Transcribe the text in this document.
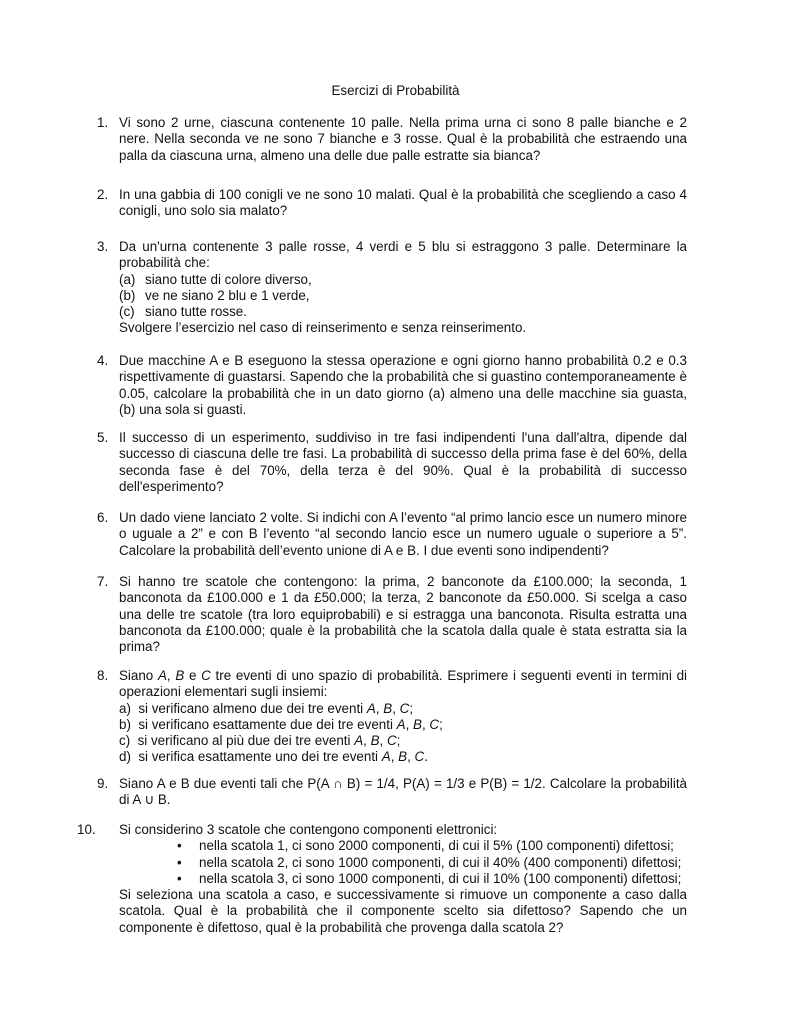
Esercizi di Probabilità
1. Vi sono 2 urne, ciascuna contenente 10 palle. Nella prima urna ci sono 8 palle bianche e 2 nere. Nella seconda ve ne sono 7 bianche e 3 rosse. Qual è la probabilità che estraendo una palla da ciascuna urna, almeno una delle due palle estratte sia bianca?
2. In una gabbia di 100 conigli ve ne sono 10 malati. Qual è la probabilità che scegliendo a caso 4 conigli, uno solo sia malato?
3. Da un'urna contenente 3 palle rosse, 4 verdi e 5 blu si estraggono 3 palle. Determinare la probabilità che:
(a) siano tutte di colore diverso,
(b) ve ne siano 2 blu e 1 verde,
(c) siano tutte rosse.
Svolgere l’esercizio nel caso di reinserimento e senza reinserimento.
4. Due macchine A e B eseguono la stessa operazione e ogni giorno hanno probabilità 0.2 e 0.3 rispettivamente di guastarsi. Sapendo che la probabilità che si guastino contemporaneamente è 0.05, calcolare la probabilità che in un dato giorno (a) almeno una delle macchine sia guasta, (b) una sola si guasti.
5. Il successo di un esperimento, suddiviso in tre fasi indipendenti l'una dall'altra, dipende dal successo di ciascuna delle tre fasi. La probabilità di successo della prima fase è del 60%, della seconda fase è del 70%, della terza è del 90%. Qual è la probabilità di successo dell'esperimento?
6. Un dado viene lanciato 2 volte. Si indichi con A l’evento “al primo lancio esce un numero minore o uguale a 2” e con B l’evento “al secondo lancio esce un numero uguale o superiore a 5”. Calcolare la probabilità dell’evento unione di A e B. I due eventi sono indipendenti?
7. Si hanno tre scatole che contengono: la prima, 2 banconote da £100.000; la seconda, 1 banconota da £100.000 e 1 da £50.000; la terza, 2 banconote da £50.000. Si scelga a caso una delle tre scatole (tra loro equiprobabili) e si estragga una banconota. Risulta estratta una banconota da £100.000; quale è la probabilità che la scatola dalla quale è stata estratta sia la prima?
8. Siano A, B e C tre eventi di uno spazio di probabilità. Esprimere i seguenti eventi in termini di operazioni elementari sugli insiemi:
a)  si verificano almeno due dei tre eventi A, B, C;
b)  si verificano esattamente due dei tre eventi A, B, C;
c)  si verificano al più due dei tre eventi A, B, C;
d)  si verifica esattamente uno dei tre eventi A, B, C.
9. Siano A e B due eventi tali che P(A ∩ B) = 1/4, P(A) = 1/3 e P(B) = 1/2. Calcolare la probabilità di A ∪ B.
10. Si considerino 3 scatole che contengono componenti elettronici:
• nella scatola 1, ci sono 2000 componenti, di cui il 5% (100 componenti) difettosi;
• nella scatola 2, ci sono 1000 componenti, di cui il 40% (400 componenti) difettosi;
• nella scatola 3, ci sono 1000 componenti, di cui il 10% (100 componenti) difettosi;
Si seleziona una scatola a caso, e successivamente si rimuove un componente a caso dalla scatola. Qual è la probabilità che il componente scelto sia difettoso? Sapendo che un componente è difettoso, qual è la probabilità che provenga dalla scatola 2?
